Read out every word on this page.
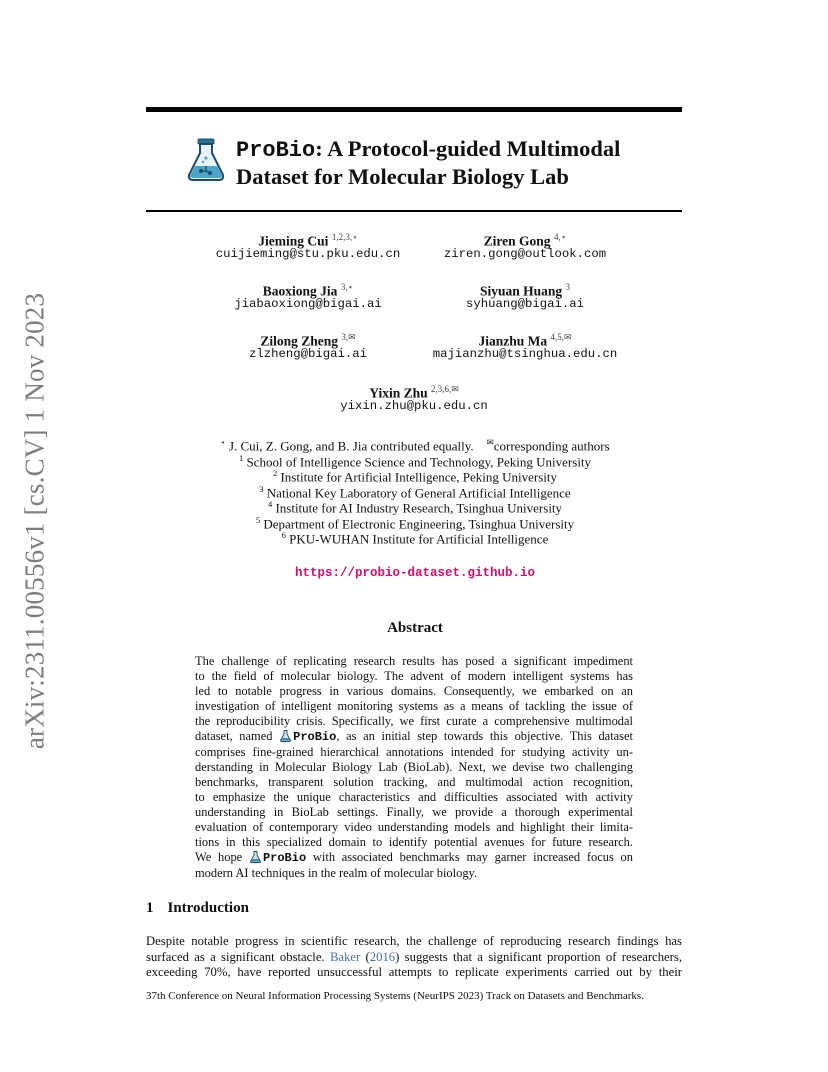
arXiv:2311.00556v1 [cs.CV] 1 Nov 2023
ProBio: A Protocol-guided Multimodal
Dataset for Molecular Biology Lab
Jieming Cui $^{1,2,3,⋆}$
cuijieming@stu.pku.edu.cn
Ziren Gong $^{4,⋆}$
ziren.gong@outlook.com
Baoxiong Jia $^{3,⋆}$
jiabaoxiong@bigai.ai
Siyuan Huang $^3$
syhuang@bigai.ai
Zilong Zheng $^{3,✉}$
zlzheng@bigai.ai
Jianzhu Ma $^{4,5,✉}$
majianzhu@tsinghua.edu.cn
Yixin Zhu $^{2,3,6,✉}$
yixin.zhu@pku.edu.cn
⋆ J. Cui, Z. Gong, and B. Jia contributed equally. ✉corresponding authors
$^1$ School of Intelligence Science and Technology, Peking University
$^2$ Institute for Artificial Intelligence, Peking University
$^3$ National Key Laboratory of General Artificial Intelligence
$^4$ Institute for AI Industry Research, Tsinghua University
$^5$ Department of Electronic Engineering, Tsinghua University
$^6$ PKU-WUHAN Institute for Artificial Intelligence
https://probio-dataset.github.io
Abstract
The challenge of replicating research results has posed a significant impediment
to the field of molecular biology. The advent of modern intelligent systems has
led to notable progress in various domains. Consequently, we embarked on an
investigation of intelligent monitoring systems as a means of tackling the issue of
the reproducibility crisis. Specifically, we first curate a comprehensive multimodal
dataset, named ProBio, as an initial step towards this objective. This dataset
comprises fine-grained hierarchical annotations intended for studying activity un-
derstanding in Molecular Biology Lab (BioLab). Next, we devise two challenging
benchmarks, transparent solution tracking, and multimodal action recognition,
to emphasize the unique characteristics and difficulties associated with activity
understanding in BioLab settings. Finally, we provide a thorough experimental
evaluation of contemporary video understanding models and highlight their limita-
tions in this specialized domain to identify potential avenues for future research.
We hope ProBio with associated benchmarks may garner increased focus on
modern AI techniques in the realm of molecular biology.
1 Introduction
Despite notable progress in scientific research, the challenge of reproducing research findings has
surfaced as a significant obstacle. Baker (2016) suggests that a significant proportion of researchers,
exceeding 70%, have reported unsuccessful attempts to replicate experiments carried out by their
37th Conference on Neural Information Processing Systems (NeurIPS 2023) Track on Datasets and Benchmarks.
